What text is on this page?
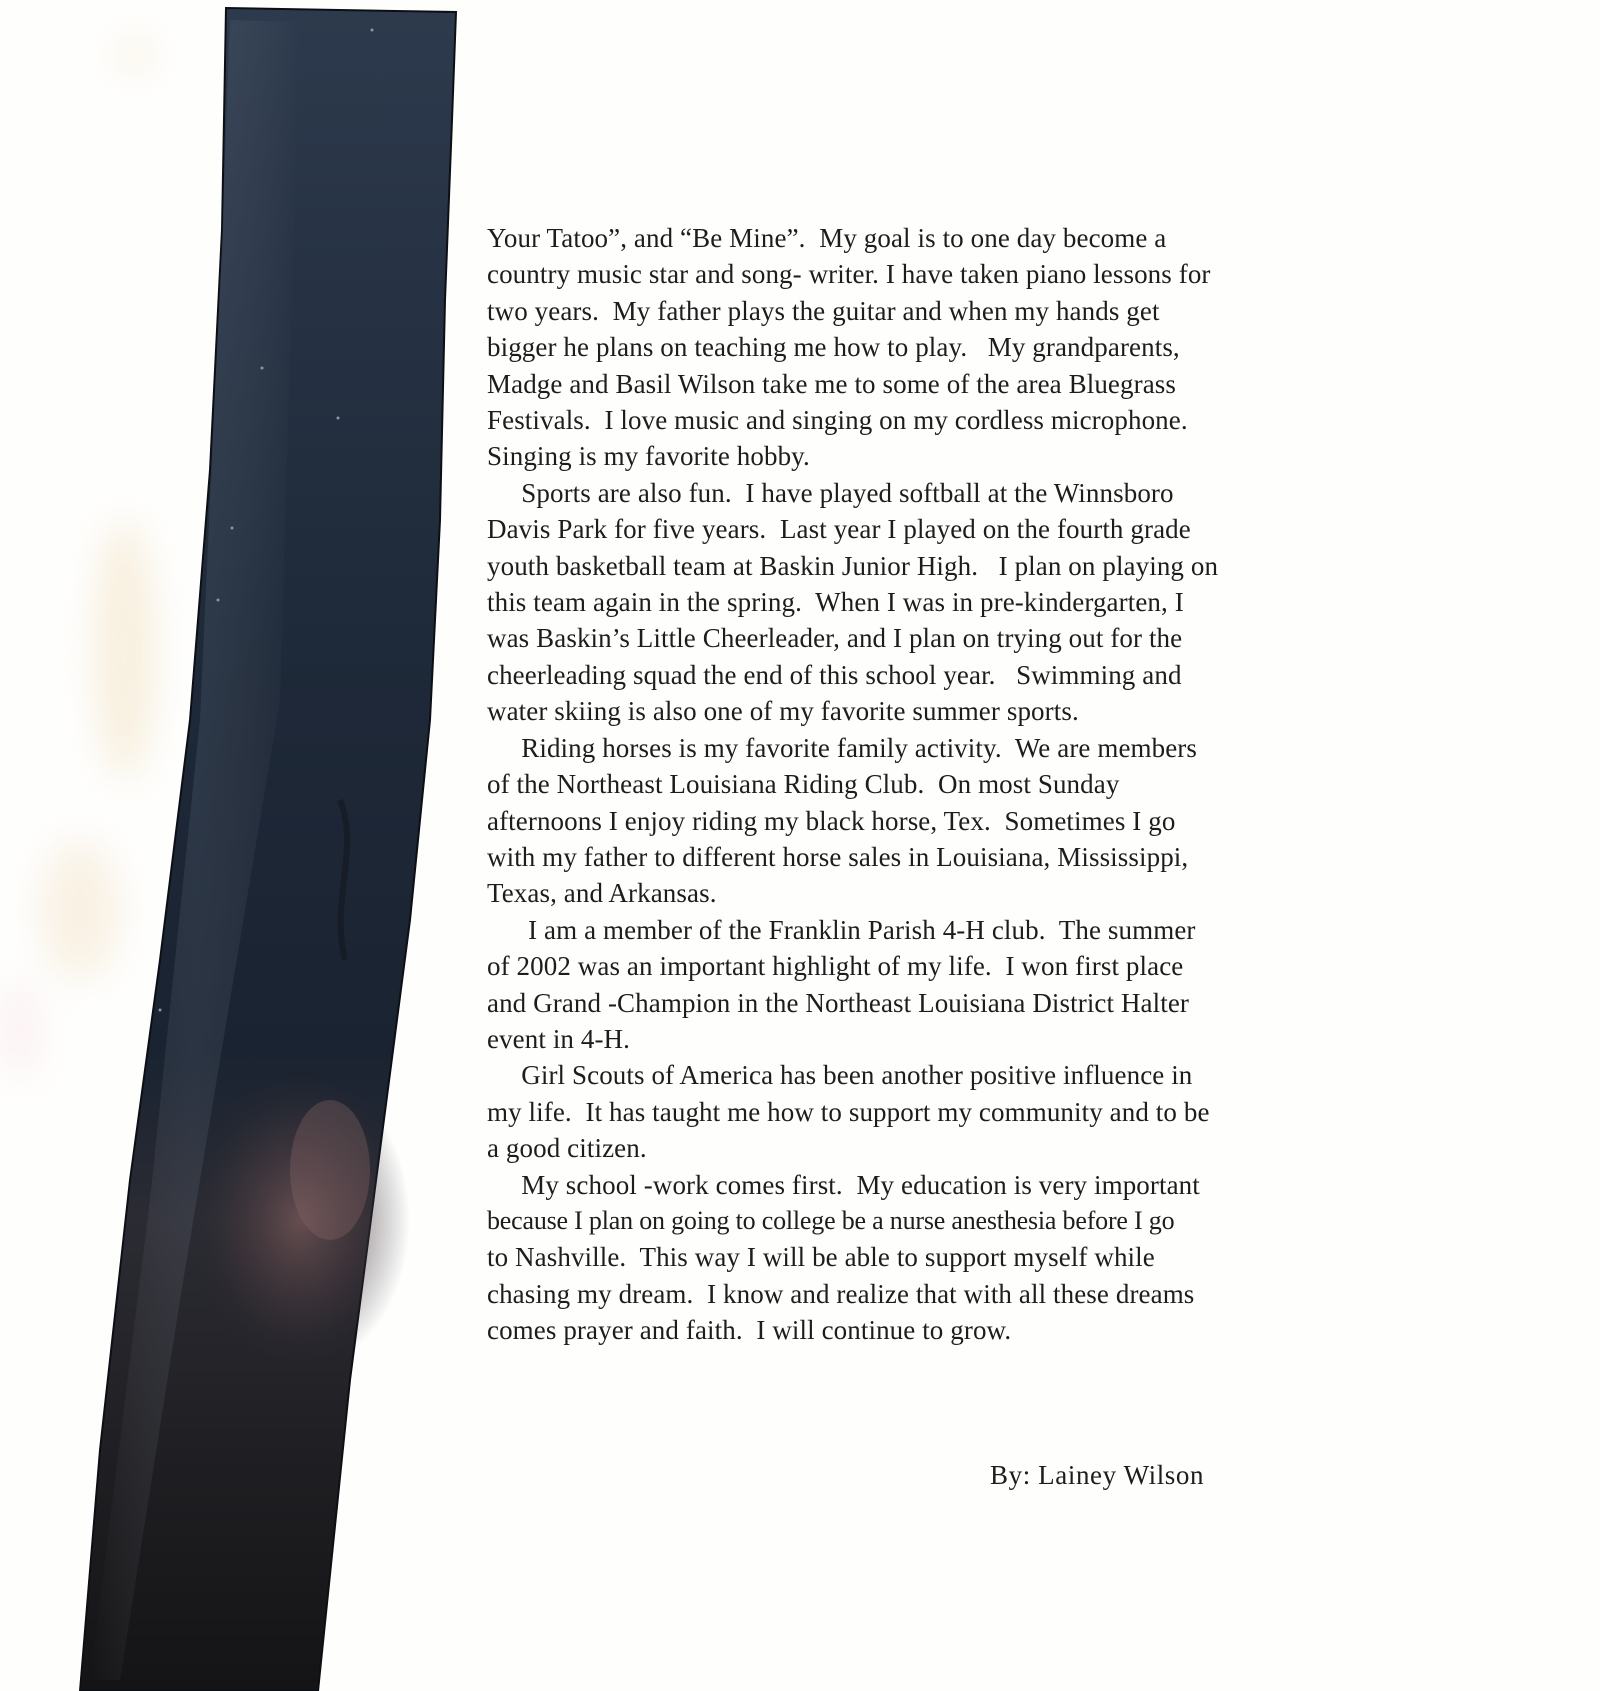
Your Tatoo”, and “Be Mine”.  My goal is to one day become a
country music star and song- writer. I have taken piano lessons for
two years.  My father plays the guitar and when my hands get
bigger he plans on teaching me how to play.   My grandparents,
Madge and Basil Wilson take me to some of the area Bluegrass
Festivals.  I love music and singing on my cordless microphone.
Singing is my favorite hobby.
Sports are also fun.  I have played softball at the Winnsboro
Davis Park for five years.  Last year I played on the fourth grade
youth basketball team at Baskin Junior High.   I plan on playing on
this team again in the spring.  When I was in pre-kindergarten, I
was Baskin’s Little Cheerleader, and I plan on trying out for the
cheerleading squad the end of this school year.   Swimming and
water skiing is also one of my favorite summer sports.
Riding horses is my favorite family activity.  We are members
of the Northeast Louisiana Riding Club.  On most Sunday
afternoons I enjoy riding my black horse, Tex.  Sometimes I go
with my father to different horse sales in Louisiana, Mississippi,
Texas, and Arkansas.
I am a member of the Franklin Parish 4-H club.  The summer
of 2002 was an important highlight of my life.  I won first place
and Grand -Champion in the Northeast Louisiana District Halter
event in 4-H.
Girl Scouts of America has been another positive influence in
my life.  It has taught me how to support my community and to be
a good citizen.
My school -work comes first.  My education is very important
because I plan on going to college be a nurse anesthesia before I go
to Nashville.  This way I will be able to support myself while
chasing my dream.  I know and realize that with all these dreams
comes prayer and faith.  I will continue to grow.
By: Lainey Wilson
